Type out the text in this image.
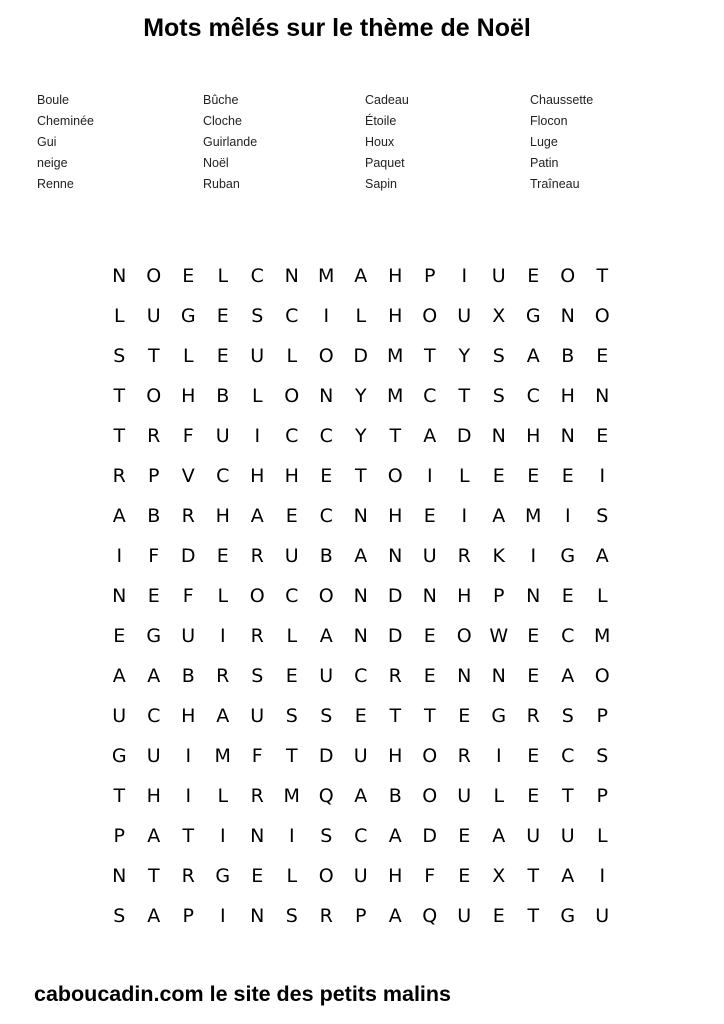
Mots mêlés sur le thème de Noël
Boule
Cheminée
Gui
neige
Renne
Bûche
Cloche
Guirlande
Noël
Ruban
Cadeau
Étoile
Houx
Paquet
Sapin
Chaussette
Flocon
Luge
Patin
Traîneau
N	O	E	L	C	N	M	A	H	P	I	U	E	O	T
L	U	G	E	S	C	I	L	H	O	U	X	G	N	O
S	T	L	E	U	L	O	D M	T	Y	S	A	B	E
T	O	H	B	L	O	N	Y	M	C	T	S	C	H	N
T	R	F	U	I	C	C	Y	T	A	D	N	H	N	E
R	P	V	C	H	H	E	T	O	I	L	E	E	E	I
A	B	R	H	A	E	C	N	H	E	I	A	M	I	S
I	F	D	E	R	U	B	A	N	U	R	K	I	G	A
N	E	F	L	O	C	O	N	D	N	H	P	N	E	L
E	G	U	I	R	L	A	N	D	E	O W	E	C	M
A	A	B	R	S	E	U	C	R	E	N	N	E	A	O
U	C	H	A	U	S	S	E	T	T	E	G	R	S	P
G	U	I	M	F	T	D	U	H	O	R	I	E	C	S
T	H	I	L	R	M Q	A	B	O	U	L	E	T	P
P	A	T	I	N	I	S	C	A	D	E	A	U	U	L
N	T	R	G	E	L	O	U	H	F	E	X	T	A	I
S	A	P	I	N	S	R	P	A	Q	U	E	T	G	U
caboucadin.com le site des petits malins
